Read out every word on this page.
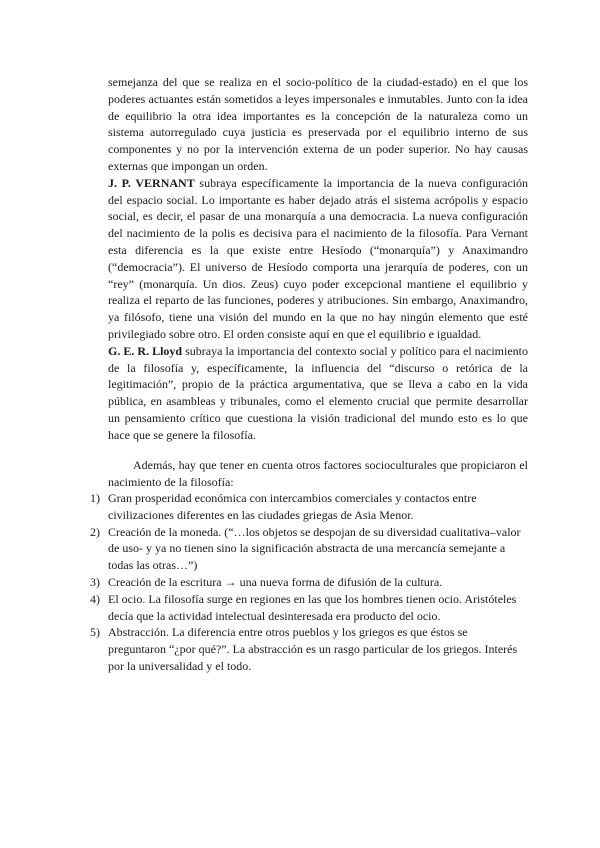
semejanza del que se realiza en el socio-político de la ciudad-estado) en el que los poderes actuantes están sometidos a leyes impersonales e inmutables. Junto con la idea de equilibrio la otra idea importantes es la concepción de la naturaleza como un sistema autorregulado cuya justicia es preservada por el equilibrio interno de sus componentes y no por la intervención externa de un poder superior. No hay causas externas que impongan un orden.

J. P. VERNANT subraya específicamente la importancia de la nueva configuración del espacio social. Lo importante es haber dejado atrás el sistema acrópolis y espacio social, es decir, el pasar de una monarquía a una democracia. La nueva configuración del nacimiento de la polis es decisiva para el nacimiento de la filosofía. Para Vernant esta diferencia es la que existe entre Hesíodo (“monarquía”) y Anaximandro (“democracia”). El universo de Hesíodo comporta una jerarquía de poderes, con un “rey” (monarquía. Un dios. Zeus) cuyo poder excepcional mantiene el equilibrio y realiza el reparto de las funciones, poderes y atribuciones. Sin embargo, Anaximandro, ya filósofo, tiene una visión del mundo en la que no hay ningún elemento que esté privilegiado sobre otro. El orden consiste aquí en que el equilibrio e igualdad.

G. E. R. Lloyd subraya la importancia del contexto social y político para el nacimiento de la filosofía y, específicamente, la influencia del “discurso o retórica de la legitimación”, propio de la práctica argumentativa, que se lleva a cabo en la vida pública, en asambleas y tribunales, como el elemento crucial que permite desarrollar un pensamiento crítico que cuestiona la visión tradicional del mundo esto es lo que hace que se genere la filosofía.

Además, hay que tener en cuenta otros factores socioculturales que propiciaron el nacimiento de la filosofía:

1) Gran prosperidad económica con intercambios comerciales y contactos entre civilizaciones diferentes en las ciudades griegas de Asia Menor.
2) Creación de la moneda. (“…los objetos se despojan de su diversidad cualitativa–valor de uso- y ya no tienen sino la significación abstracta de una mercancía semejante a todas las otras…”)
3) Creación de la escritura → una nueva forma de difusión de la cultura.
4) El ocio. La filosofía surge en regiones en las que los hombres tienen ocio. Aristóteles decía que la actividad intelectual desinteresada era producto del ocio.
5) Abstracción. La diferencia entre otros pueblos y los griegos es que éstos se preguntaron “¿por qué?”. La abstracción es un rasgo particular de los griegos. Interés por la universalidad y el todo.
